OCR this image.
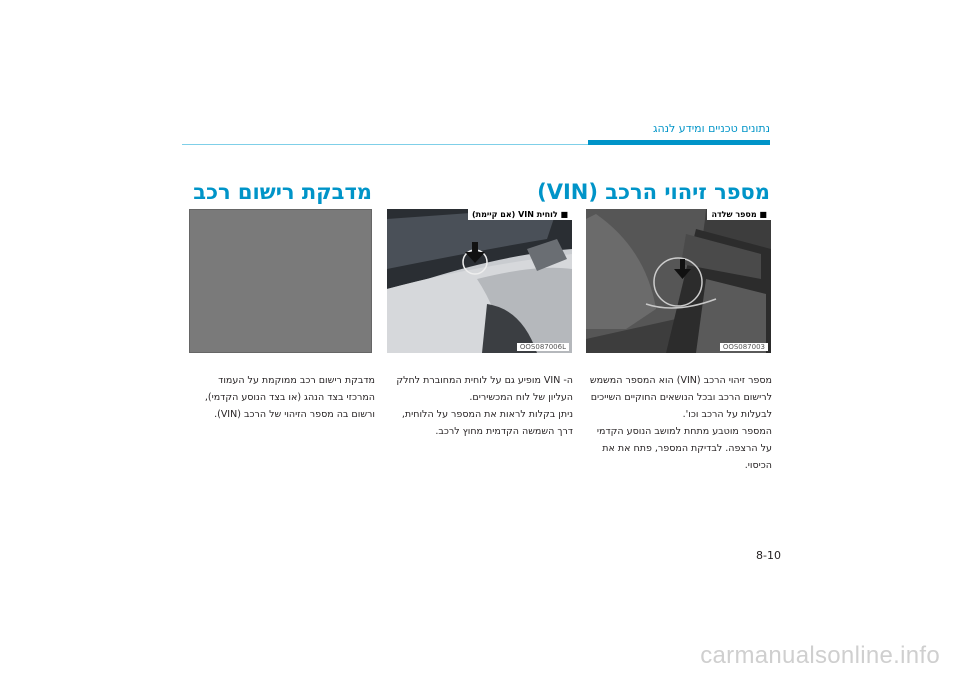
נתונים טכניים ומידע לנהג
מספר זיהוי הרכב (VIN)
מדבקת רישום רכב
■ מספר שלדה
OOS087003
■ לוחית VIN (אם קיימת)
OOS087006L

מספר זיהוי הרכב (VIN) הוא המספר המשמש

לרישום הרכב ובכל הנושאים החוקיים השייכים

לבעלות על הרכב וכו'.

המספר מוטבע מתחת למושב הנוסע הקדמי

על הרצפה. לבדיקת המספר, פתח את את

הכיסוי.

ה- VIN מופיע גם על לוחית המחוברת לחלק

העליון של לוח המכשירים.

ניתן בקלות לראות את המספר על הלוחית,

דרך השמשה הקדמית מחוץ לרכב.

מדבקת רישום רכב ממוקמת על העמוד

המרכזי בצד הנהג (או בצד הנוסע הקדמי),

ורשום בה מספר הזיהוי של הרכב (VIN).

8-10
carmanualsonline.info
